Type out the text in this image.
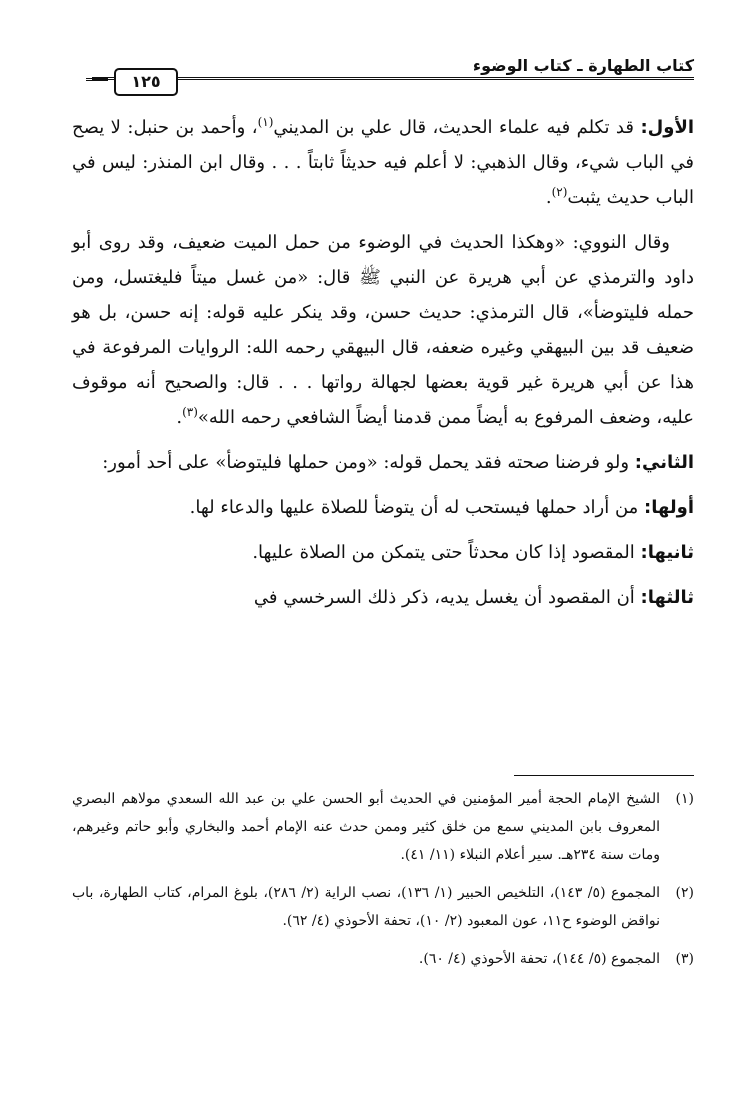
كتاب الطهارة ـ كتاب الوضوء
١٢٥

الأول: قد تكلم فيه علماء الحديث، قال علي بن المديني$^{(١)}$، وأحمد بن حنبل: لا يصح في الباب شيء، وقال الذهبي: لا أعلم فيه حديثاً ثابتاً . . . وقال ابن المنذر: ليس في الباب حديث يثبت$^{(٢)}$.

وقال النووي: «وهكذا الحديث في الوضوء من حمل الميت ضعيف، وقد روى أبو داود والترمذي عن أبي هريرة عن النبي ﷺ قال: «من غسل ميتاً فليغتسل، ومن حمله فليتوضأ»، قال الترمذي: حديث حسن، وقد ينكر عليه قوله: إنه حسن، بل هو ضعيف قد بين البيهقي وغيره ضعفه، قال البيهقي رحمه الله: الروايات المرفوعة في هذا عن أبي هريرة غير قوية بعضها لجهالة رواتها . . . قال: والصحيح أنه موقوف عليه، وضعف المرفوع به أيضاً ممن قدمنا أيضاً الشافعي رحمه الله»$^{(٣)}$.

الثاني: ولو فرضنا صحته فقد يحمل قوله: «ومن حملها فليتوضأ» على أحد أمور:

أولها: من أراد حملها فيستحب له أن يتوضأ للصلاة عليها والدعاء لها.

ثانيها: المقصود إذا كان محدثاً حتى يتمكن من الصلاة عليها.

ثالثها: أن المقصود أن يغسل يديه، ذكر ذلك السرخسي في

(١)
الشيخ الإمام الحجة أمير المؤمنين في الحديث أبو الحسن علي بن عبد الله السعدي مولاهم البصري المعروف بابن المديني سمع من خلق كثير وممن حدث عنه الإمام أحمد والبخاري وأبو حاتم وغيرهم، ومات سنة ٢٣٤هـ. سير أعلام النبلاء (١١/ ٤١).
(٢)
المجموع (٥/ ١٤٣)، التلخيص الحبير (١/ ١٣٦)، نصب الراية (٢/ ٢٨٦)، بلوغ المرام، كتاب الطهارة، باب نواقض الوضوء ح١١، عون المعبود (٢/ ١٠)، تحفة الأحوذي (٤/ ٦٢).
(٣)
المجموع (٥/ ١٤٤)، تحفة الأحوذي (٤/ ٦٠).
